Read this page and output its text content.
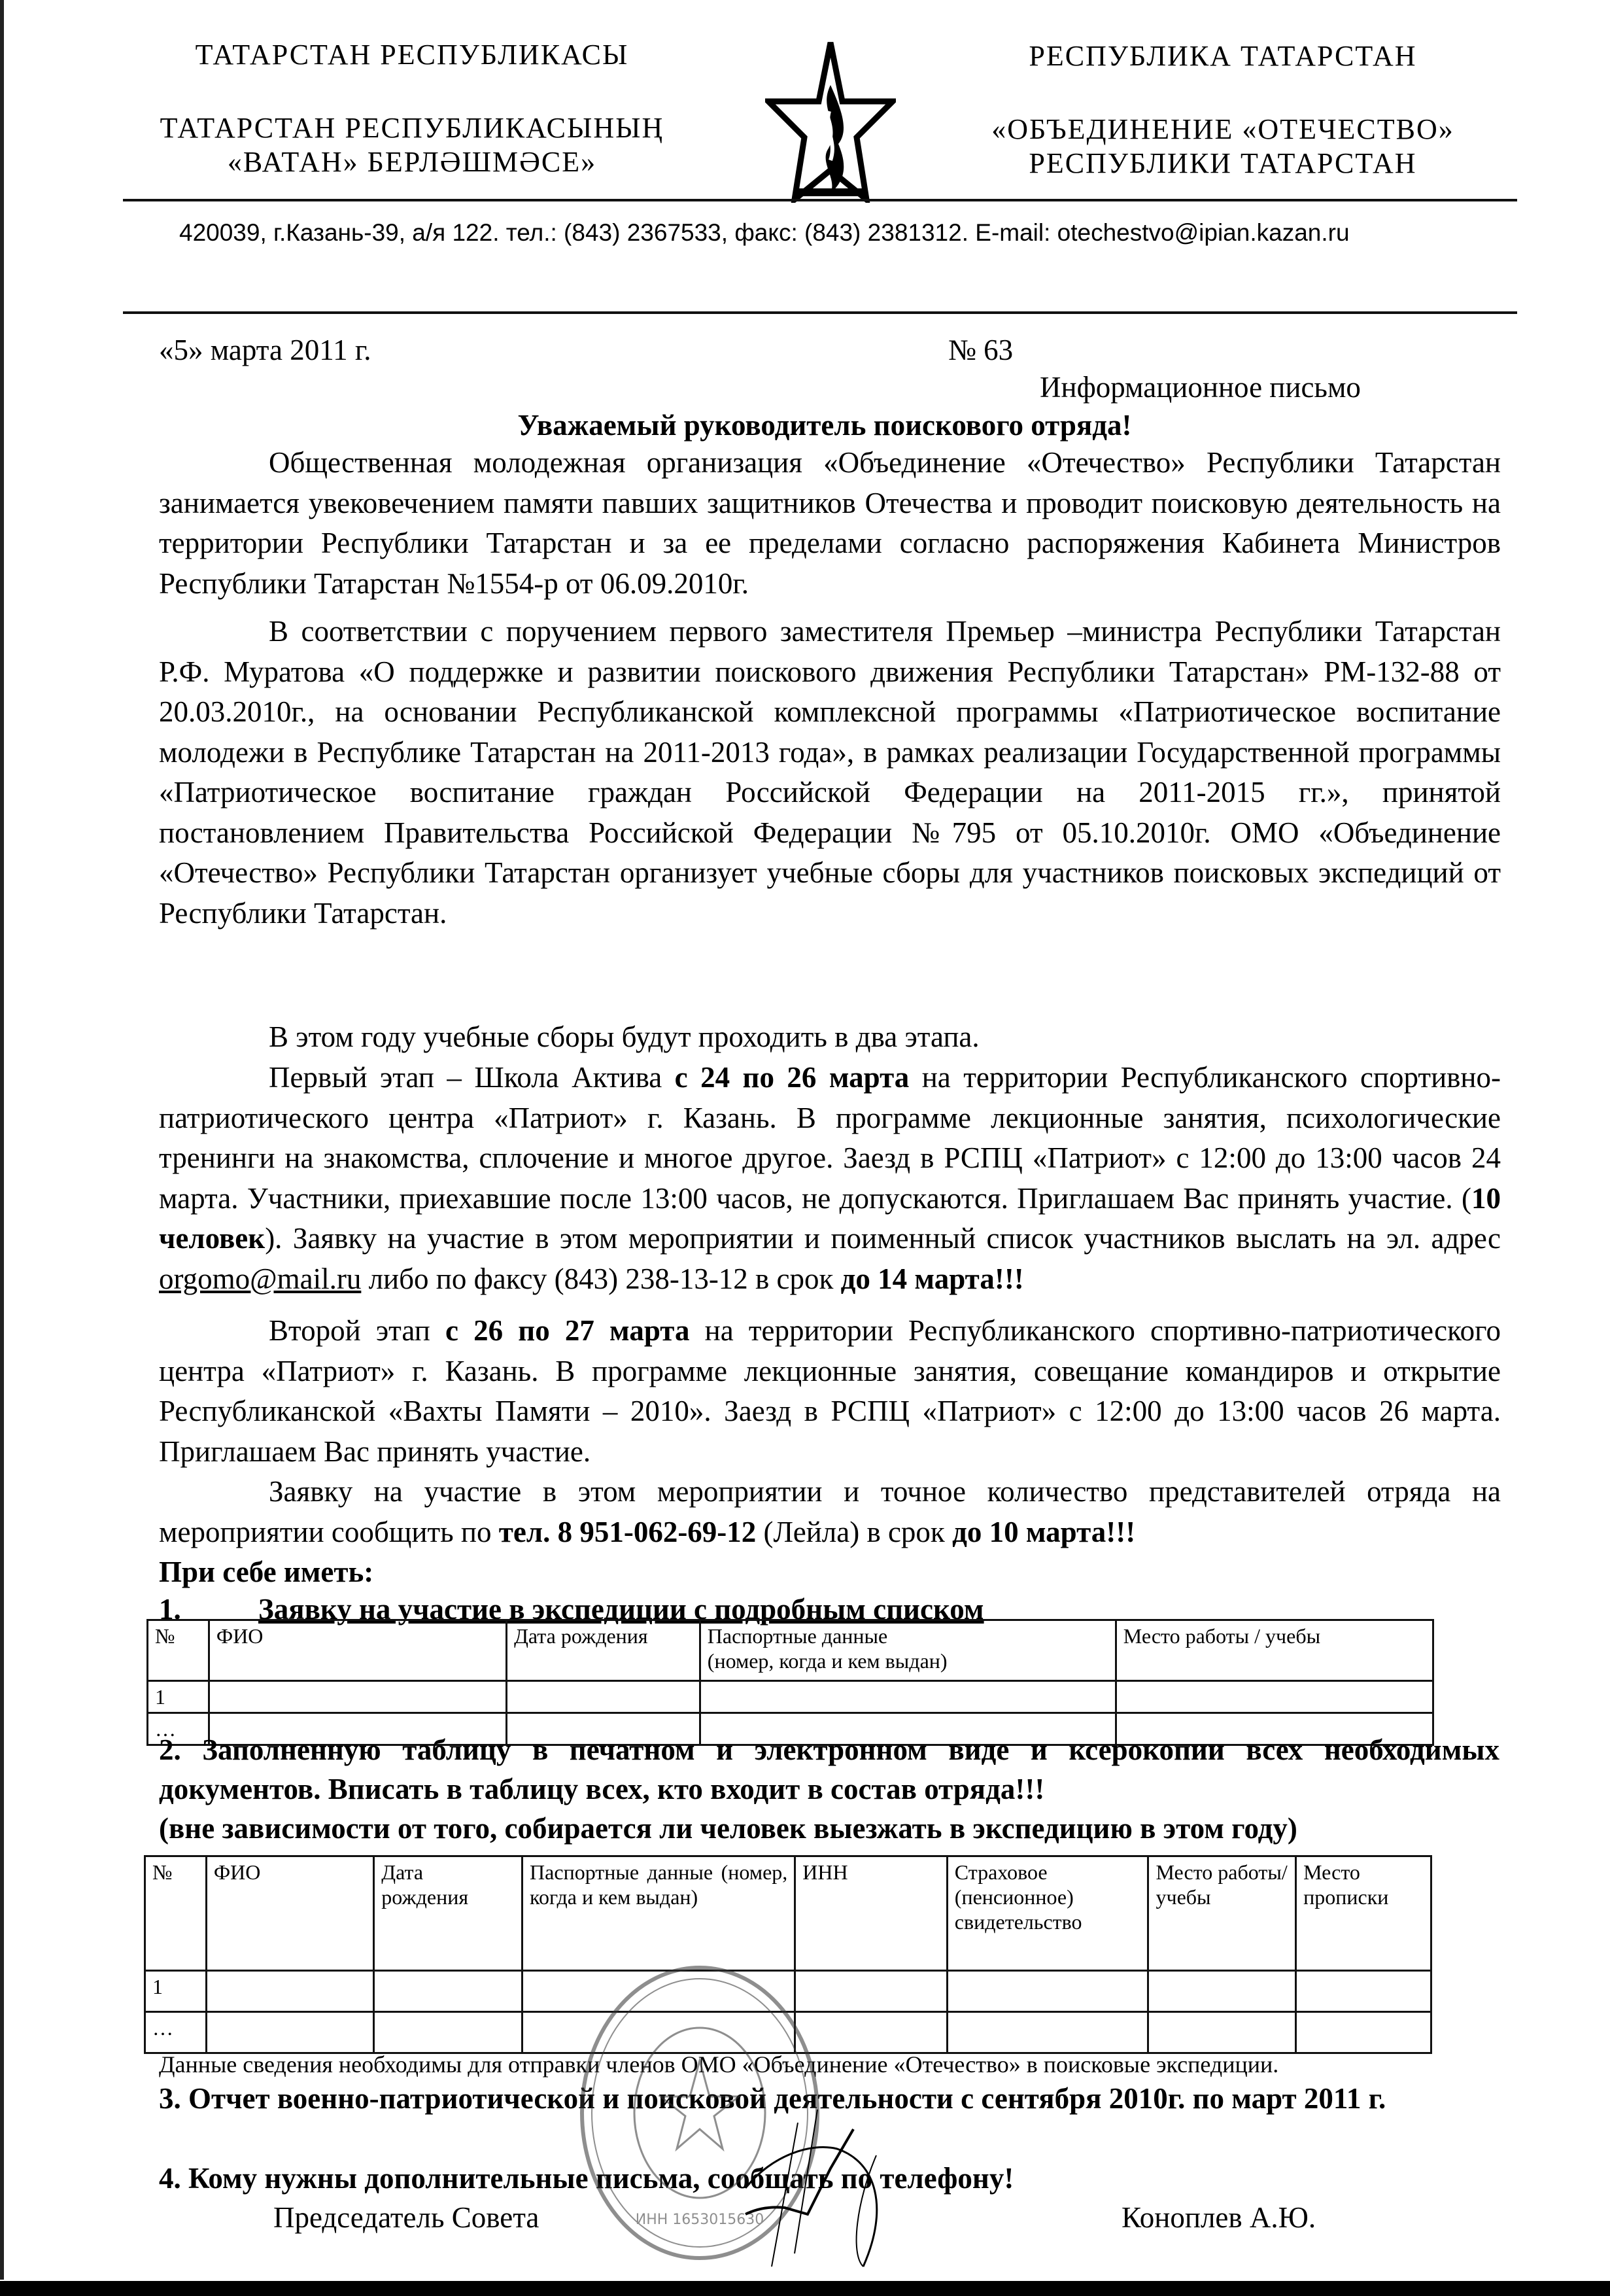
ТАТАРСТАН РЕСПУБЛИКАСЫ
ТАТАРСТАН РЕСПУБЛИКАСЫНЫҢ
«ВАТАН» БЕРЛӘШМӘСЕ»
РЕСПУБЛИКА ТАТАРСТАН
«ОБЪЕДИНЕНИЕ «ОТЕЧЕСТВО»
РЕСПУБЛИКИ ТАТАРСТАН
420039, г.Казань-39, а/я 122. тел.: (843) 2367533, факс: (843) 2381312. E-mail: otechestvo@ipian.kazan.ru
«5» марта 2011 г.	№ 63
Информационное письмо
Уважаемый руководитель поискового отряда!

Общественная молодежная организация «Объединение «Отечество» Республики Татарстан занимается увековечением памяти павших защитников Отечества и проводит поисковую деятельность на территории Республики Татарстан и за ее пределами согласно распоряжения Кабинета Министров Республики Татарстан №1554-р от 06.09.2010г.

В соответствии с поручением первого заместителя Премьер –министра Республики Татарстан Р.Ф. Муратова «О поддержке и развитии поискового движения Республики Татарстан» РМ-132-88 от 20.03.2010г., на основании Республиканской комплексной программы «Патриотическое воспитание молодежи в Республике Татарстан на 2011-2013 года», в рамках реализации Государственной программы «Патриотическое воспитание граждан Российской Федерации на 2011-2015 гг.», принятой постановлением Правительства Российской Федерации №795 от 05.10.2010г. ОМО «Объединение «Отечество» Республики Татарстан организует учебные сборы для участников поисковых экспедиций от Республики Татарстан.

В этом году учебные сборы будут проходить в два этапа.

Первый этап – Школа Актива с 24 по 26 марта на территории Республиканского спортивно-патриотического центра «Патриот» г. Казань. В программе лекционные занятия, психологические тренинги на знакомства, сплочение и многое другое. Заезд в РСПЦ «Патриот» с 12:00 до 13:00 часов 24 марта. Участники, приехавшие после 13:00 часов, не допускаются. Приглашаем Вас принять участие. (10 человек). Заявку на участие в этом мероприятии и поименный список участников выслать на эл. адрес orgomo@mail.ru либо по факсу (843) 238-13-12 в срок до 14 марта!!!

Второй этап с 26 по 27 марта на территории Республиканского спортивно-патриотического центра «Патриот» г. Казань. В программе лекционные занятия, совещание командиров и открытие Республиканской «Вахты Памяти – 2010». Заезд в РСПЦ «Патриот» с 12:00 до 13:00 часов 26 марта. Приглашаем Вас принять участие.

Заявку на участие в этом мероприятии и точное количество представителей отряда на мероприятии сообщить по тел. 8 951-062-69-12 (Лейла) в срок до 10 марта!!!

При себе иметь:
1.	Заявку на участие в экспедиции с подробным списком
№	ФИО	Дата рождения	Паспортные данные
(номер, когда и кем выдан)	Место работы / учебы
1				
…				
2. Заполненную таблицу в печатном и электронном виде и ксерокопии всех необходимых документов. Вписать в таблицу всех, кто входит в состав отряда!!!
(вне зависимости от того, собирается ли человек выезжать в экспедицию в этом году)
№	ФИО	Дата рождения	Паспортные данные (номер, когда и кем выдан)	ИНН	Страховое (пенсионное) свидетельство	Место работы/ учебы	Место прописки
1							
…							
Данные сведения необходимы для отправки членов ОМО «Объединение «Отечество» в поисковые экспедиции.
3. Отчет военно-патриотической и поисковой деятельности с сентября 2010г. по март 2011 г.
4. Кому нужны дополнительные письма, сообщать по телефону!
Председатель Совета	Коноплев А.Ю.
ИНН 1653015630
